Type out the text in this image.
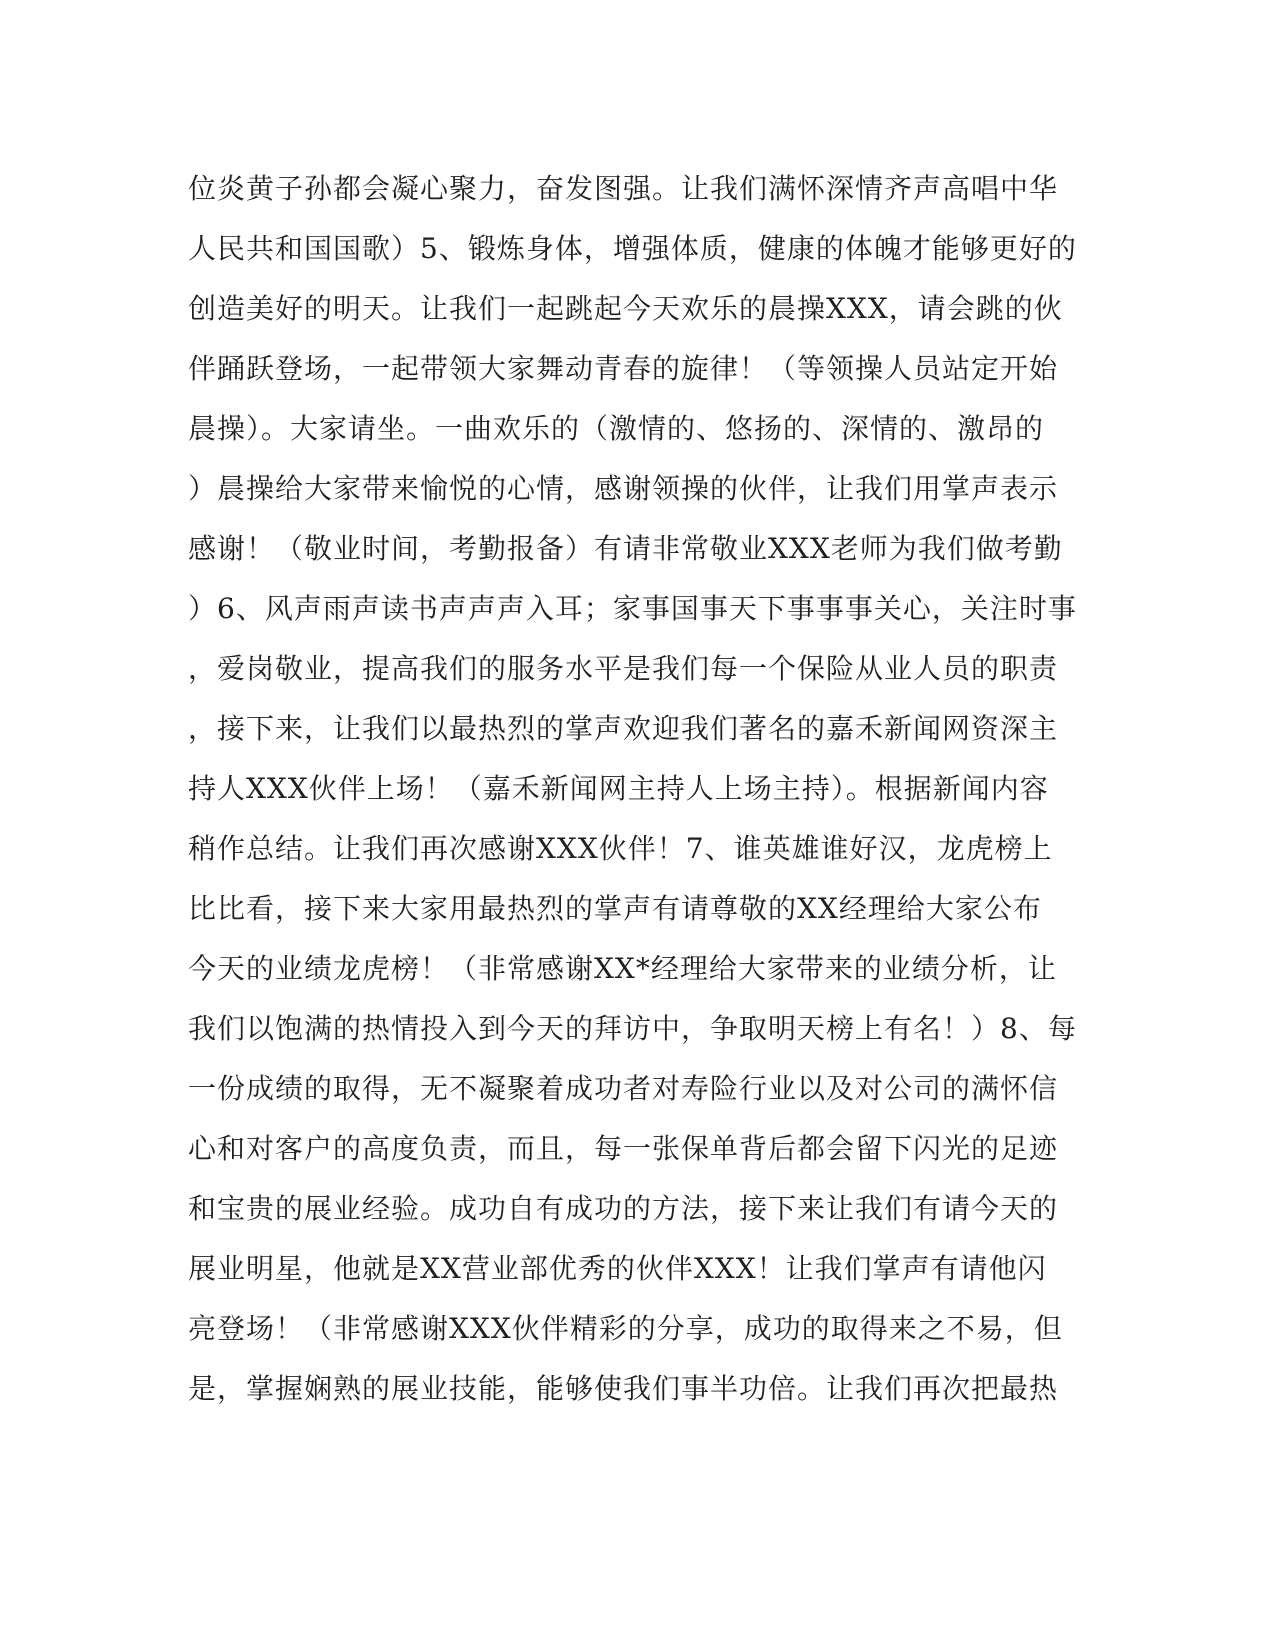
位炎黄子孙都会凝心聚力，奋发图强。让我们满怀深情齐声高唱中华
人民共和国国歌）5、锻炼身体，增强体质，健康的体魄才能够更好的
创造美好的明天。让我们一起跳起今天欢乐的晨操XXX，请会跳的伙
伴踊跃登场，一起带领大家舞动青春的旋律！（等领操人员站定开始
晨操）。大家请坐。一曲欢乐的（激情的、悠扬的、深情的、激昂的
）晨操给大家带来愉悦的心情，感谢领操的伙伴，让我们用掌声表示
感谢！（敬业时间，考勤报备）有请非常敬业XXX老师为我们做考勤
）6、风声雨声读书声声声入耳；家事国事天下事事事关心，关注时事
，爱岗敬业，提高我们的服务水平是我们每一个保险从业人员的职责
，接下来，让我们以最热烈的掌声欢迎我们著名的嘉禾新闻网资深主
持人XXX伙伴上场！（嘉禾新闻网主持人上场主持）。根据新闻内容
稍作总结。让我们再次感谢XXX伙伴！7、谁英雄谁好汉，龙虎榜上
比比看，接下来大家用最热烈的掌声有请尊敬的XX经理给大家公布
今天的业绩龙虎榜！（非常感谢XX*经理给大家带来的业绩分析，让
我们以饱满的热情投入到今天的拜访中，争取明天榜上有名！）8、每
一份成绩的取得，无不凝聚着成功者对寿险行业以及对公司的满怀信
心和对客户的高度负责，而且，每一张保单背后都会留下闪光的足迹
和宝贵的展业经验。成功自有成功的方法，接下来让我们有请今天的
展业明星，他就是XX营业部优秀的伙伴XXX！让我们掌声有请他闪
亮登场！（非常感谢XXX伙伴精彩的分享，成功的取得来之不易，但
是，掌握娴熟的展业技能，能够使我们事半功倍。让我们再次把最热
